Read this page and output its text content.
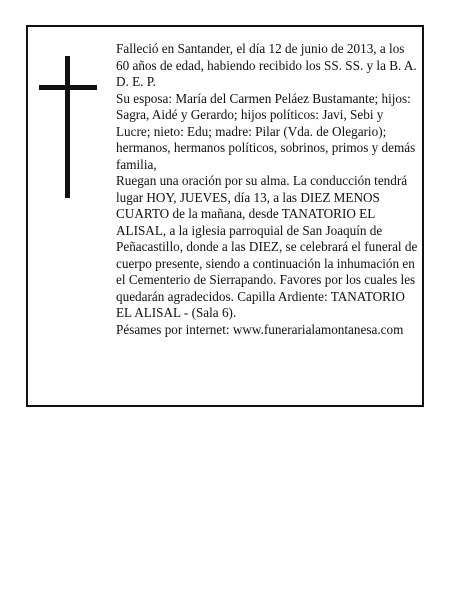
Falleció en Santander, el día 12 de junio de 2013, a los 60 años de edad, habiendo recibido los SS. SS. y la B. A.

D. E. P.

Su esposa: María del Carmen Peláez Bustamante; hijos: Sagra, Aidé y Gerardo; hijos políticos: Javi, Sebi y Lucre; nieto: Edu; madre: Pilar (Vda. de Olegario); hermanos, hermanos políticos, sobrinos, primos y demás familia,

Ruegan una oración por su alma. La conducción tendrá lugar HOY, JUEVES, día 13, a las DIEZ MENOS CUARTO de la mañana, desde TANATORIO EL ALISAL, a la iglesia parroquial de San Joaquín de Peñacastillo, donde a las DIEZ, se celebrará el funeral de cuerpo presente, siendo a continuación la inhumación en el Cementerio de Sierrapando. Favores por los cuales les quedarán agradecidos. Capilla Ardiente: TANATORIO EL ALISAL - (Sala 6).

Pésames por internet: www.funerarialamontanesa.com
